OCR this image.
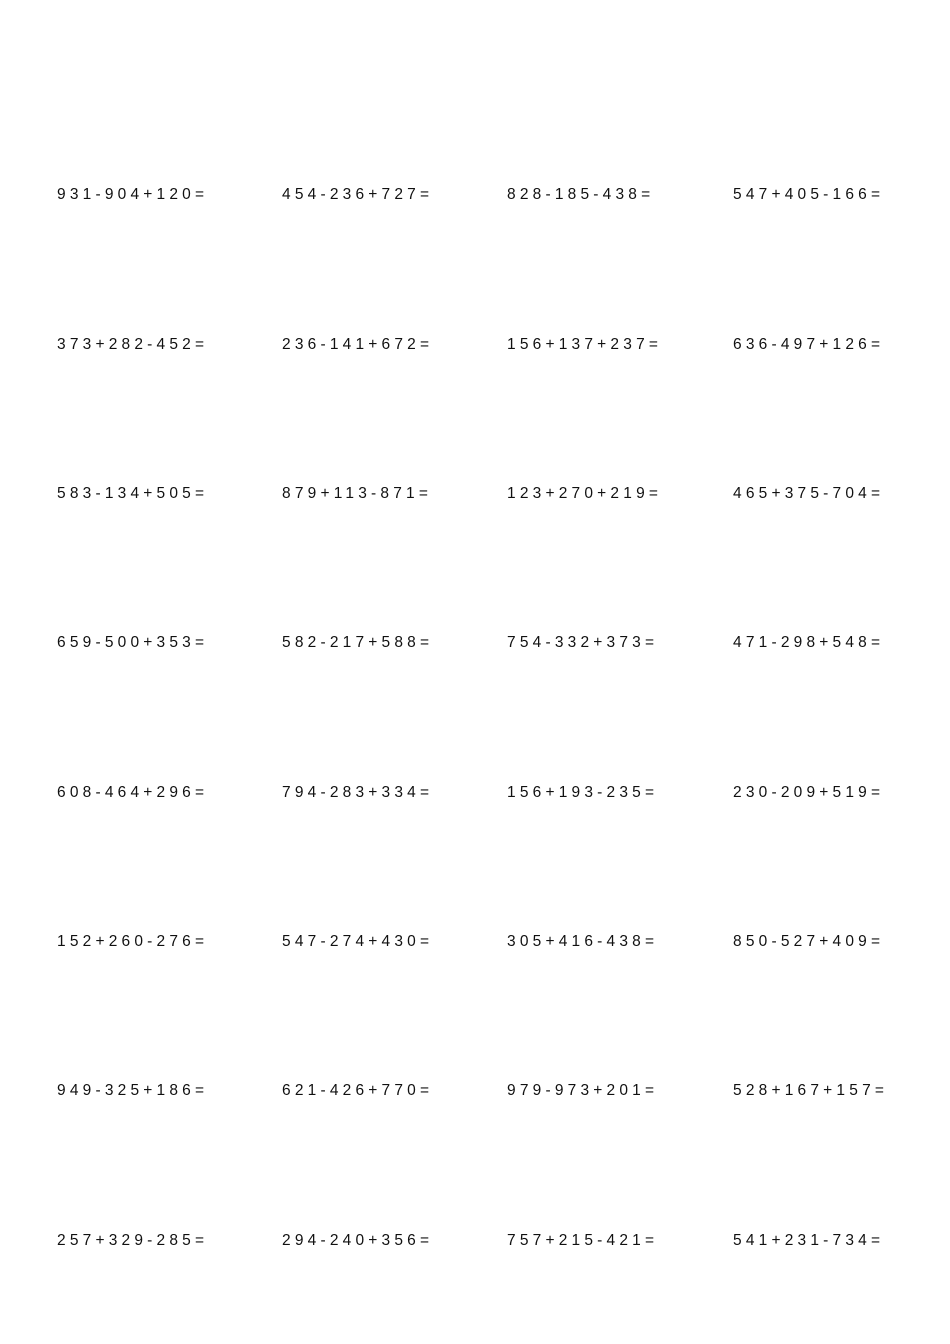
931-904+120=	454-236+727=	828-185-438=	547+405-166=
373+282-452=	236-141+672=	156+137+237=	636-497+126=
583-134+505=	879+113-871=	123+270+219=	465+375-704=
659-500+353=	582-217+588=	754-332+373=	471-298+548=
608-464+296=	794-283+334=	156+193-235=	230-209+519=
152+260-276=	547-274+430=	305+416-438=	850-527+409=
949-325+186=	621-426+770=	979-973+201=	528+167+157=
257+329-285=	294-240+356=	757+215-421=	541+231-734=
